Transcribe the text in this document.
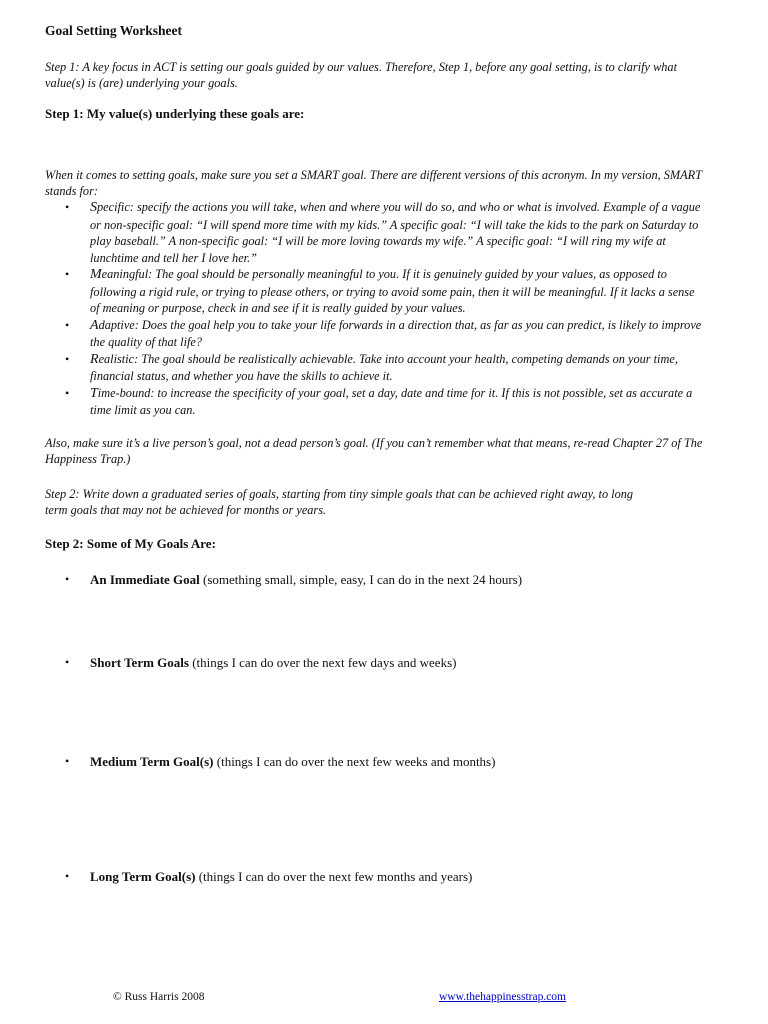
Goal Setting Worksheet

Step 1: A key focus in ACT is setting our goals guided by our values. Therefore, Step 1, before any goal setting, is to clarify what value(s) is (are) underlying your goals.
Step 1: My value(s) underlying these goals are:
When it comes to setting goals, make sure you set a SMART goal. There are different versions of this acronym. In my version, SMART stands for:
• Specific: specify the actions you will take, when and where you will do so, and who or what is involved. Example of a vague or non-specific goal: “I will spend more time with my kids.” A specific goal: “I will take the kids to the park on Saturday to play baseball.” A non-specific goal: “I will be more loving towards my wife.” A specific goal: “I will ring my wife at lunchtime and tell her I love her.”
• Meaningful: The goal should be personally meaningful to you. If it is genuinely guided by your values, as opposed to following a rigid rule, or trying to please others, or trying to avoid some pain, then it will be meaningful. If it lacks a sense of meaning or purpose, check in and see if it is really guided by your values.
• Adaptive: Does the goal help you to take your life forwards in a direction that, as far as you can predict, is likely to improve the quality of that life?
• Realistic: The goal should be realistically achievable. Take into account your health, competing demands on your time, financial status, and whether you have the skills to achieve it.
• Time-bound: to increase the specificity of your goal, set a day, date and time for it. If this is not possible, set as accurate a time limit as you can.
Also, make sure it’s a live person’s goal, not a dead person’s goal. (If you can’t remember what that means, re-read Chapter 27 of The Happiness Trap.)
Step 2: Write down a graduated series of goals, starting from tiny simple goals that can be achieved right away, to long term goals that may not be achieved for months or years.
Step 2: Some of My Goals Are:
• An Immediate Goal (something small, simple, easy, I can do in the next 24 hours)
• Short Term Goals (things I can do over the next few days and weeks)
• Medium Term Goal(s) (things I can do over the next few weeks and months)
• Long Term Goal(s) (things I can do over the next few months and years)
© Russ Harris 2008	www.thehappinesstrap.com
